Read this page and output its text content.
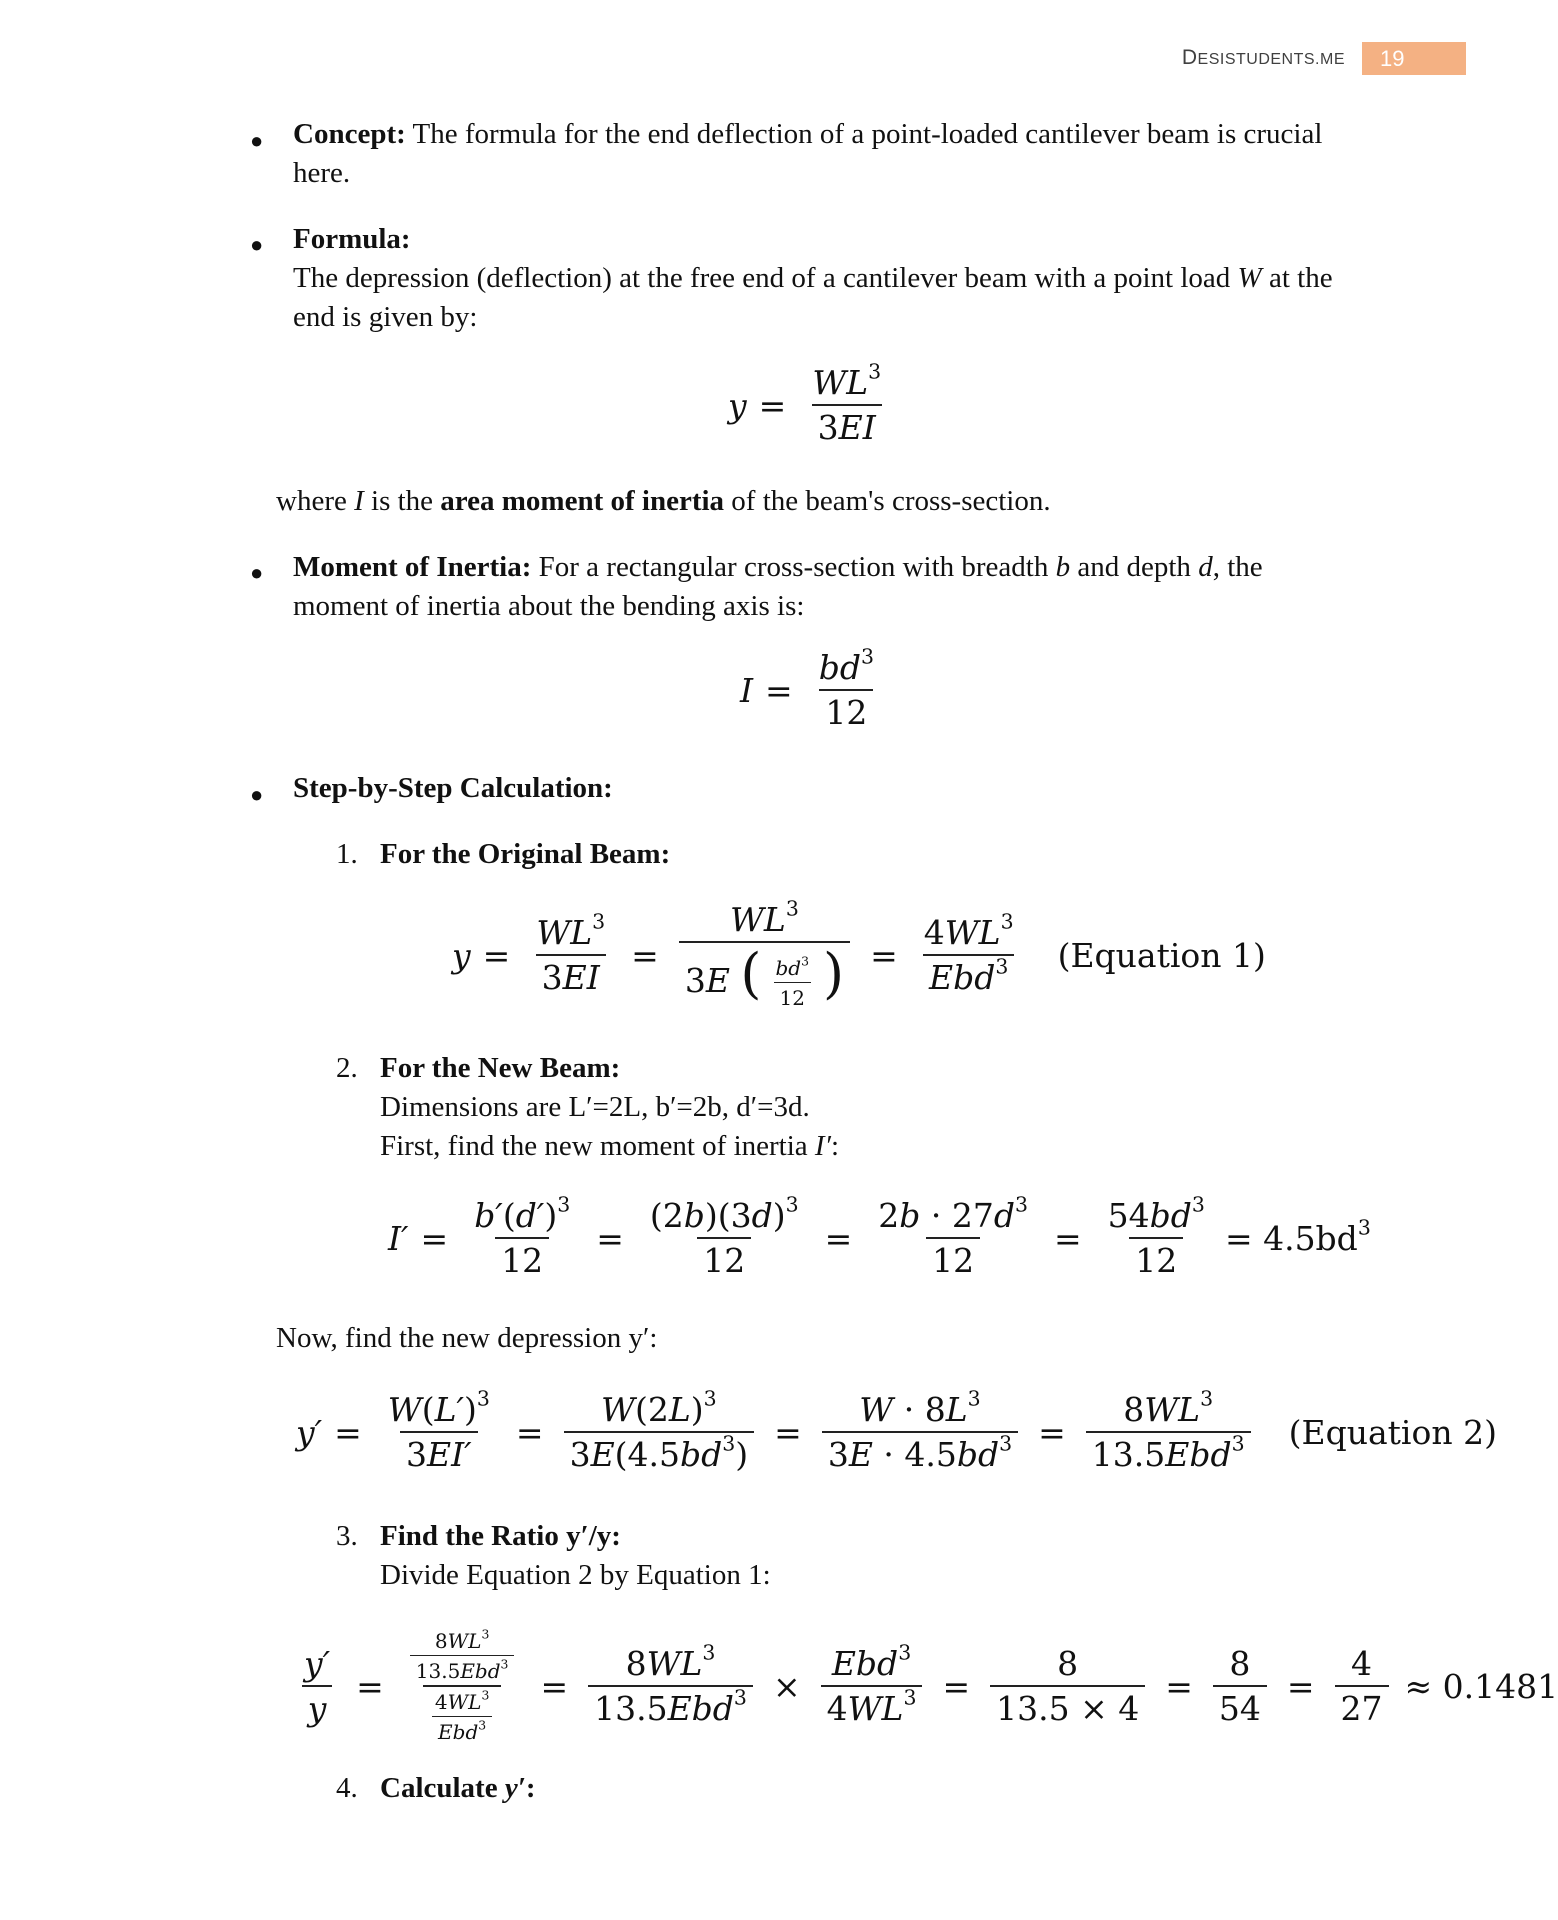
DESISTUDENTS.ME	19
● Concept: The formula for the end deflection of a point-loaded cantilever beam is crucial
here.
● Formula:
The depression (deflection) at the free end of a cantilever beam with a point load W at the
end is given by:
$y = \frac{WL^3}{3EI}$
where I is the area moment of inertia of the beam's cross-section.
● Moment of Inertia: For a rectangular cross-section with breadth b and depth d, the
moment of inertia about the bending axis is:
$I = \frac{bd^3}{12}$
● Step-by-Step Calculation:
1. For the Original Beam:
$y = \frac{WL^3}{3EI} = \frac{WL^3}{3E ( \frac{bd^3}{12} )} = \frac{4WL^3}{Ebd^3}$ (Equation 1)
2. For the New Beam:
Dimensions are L′=2L, b′=2b, d′=3d.
First, find the new moment of inertia I′:
$I' = \frac{b'(d')^3}{12} = \frac{(2b)(3d)^3}{12} = \frac{2b \cdot 27d^3}{12} = \frac{54bd^3}{12} = 4.5bd^3$
Now, find the new depression y′:
$y' = \frac{W(L')^3}{3EI'} = \frac{W(2L)^3}{3E(4.5bd^3)} = \frac{W \cdot 8L^3}{3E \cdot 4.5bd^3} = \frac{8WL^3}{13.5Ebd^3}$ (Equation 2)
3. Find the Ratio y′/y:
Divide Equation 2 by Equation 1:
$\frac{y'}{y} = \frac{\frac{8WL^3}{13.5Ebd^3}}{\frac{4WL^3}{Ebd^3}} = \frac{8WL^3}{13.5Ebd^3} \times \frac{Ebd^3}{4WL^3} = \frac{8}{13.5 \times 4} = \frac{8}{54} = \frac{4}{27} \approx 0.1481$
4. Calculate y′:
